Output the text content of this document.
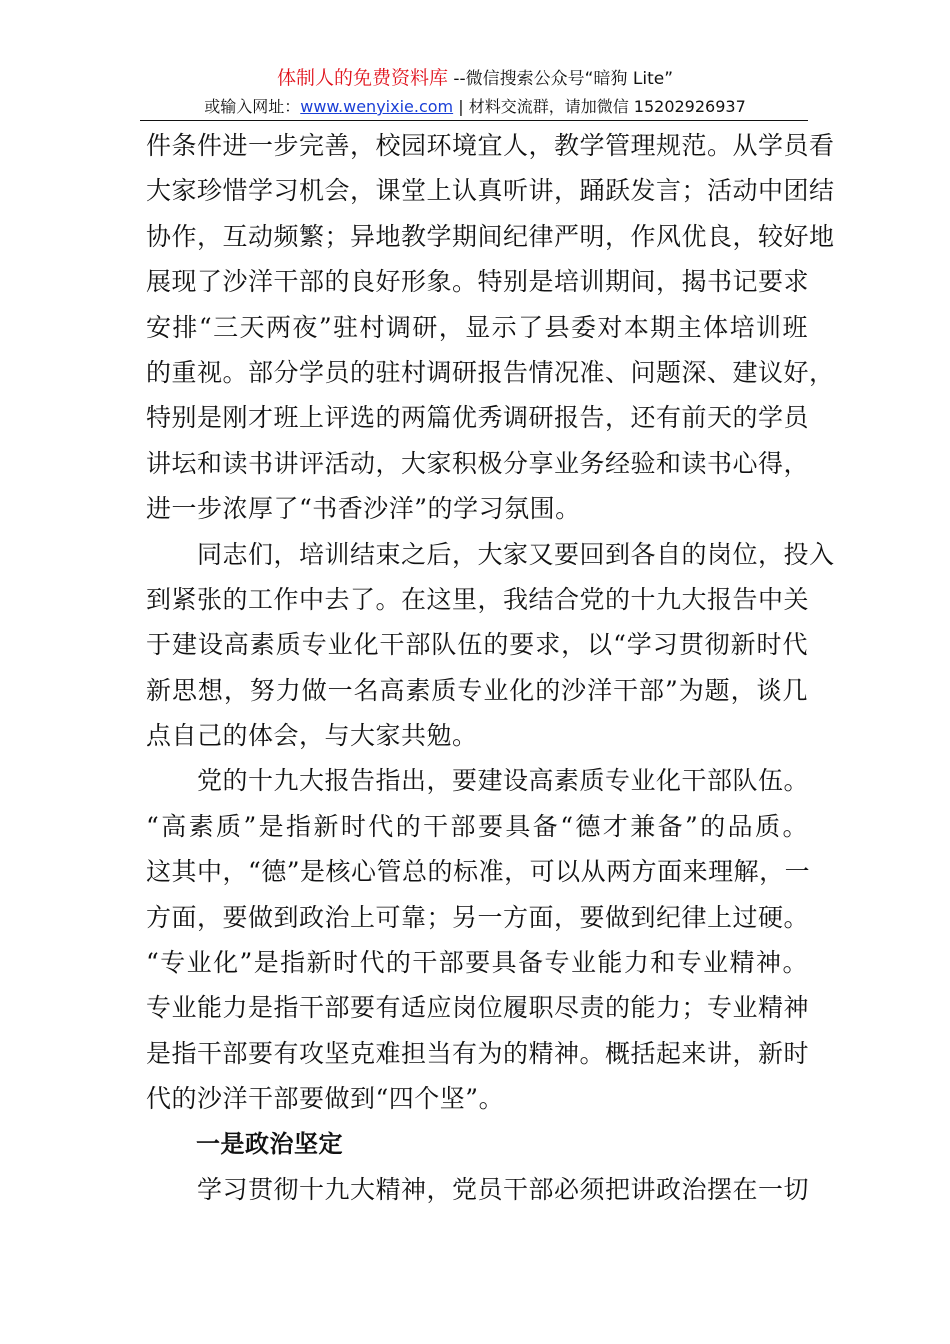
体制人的免费资料库 --微信搜索公众号“暗狗 Lite”
或输入网址：www.wenyixie.com | 材料交流群，请加微信 15202926937
件条件进一步完善，校园环境宜人，教学管理规范。从学员看
大家珍惜学习机会，课堂上认真听讲，踊跃发言；活动中团结
协作，互动频繁；异地教学期间纪律严明，作风优良，较好地
展现了沙洋干部的良好形象。特别是培训期间，揭书记要求
安排“三天两夜”驻村调研，显示了县委对本期主体培训班
的重视。部分学员的驻村调研报告情况准、问题深、建议好，
特别是刚才班上评选的两篇优秀调研报告，还有前天的学员
讲坛和读书讲评活动，大家积极分享业务经验和读书心得，
进一步浓厚了“书香沙洋”的学习氛围。
　　同志们，培训结束之后，大家又要回到各自的岗位，投入
到紧张的工作中去了。在这里，我结合党的十九大报告中关
于建设高素质专业化干部队伍的要求，以“学习贯彻新时代
新思想，努力做一名高素质专业化的沙洋干部”为题，谈几
点自己的体会，与大家共勉。
　　党的十九大报告指出，要建设高素质专业化干部队伍。
“高素质”是指新时代的干部要具备“德才兼备”的品质。
这其中，“德”是核心管总的标准，可以从两方面来理解，一
方面，要做到政治上可靠；另一方面，要做到纪律上过硬。
“专业化”是指新时代的干部要具备专业能力和专业精神。
专业能力是指干部要有适应岗位履职尽责的能力；专业精神
是指干部要有攻坚克难担当有为的精神。概括起来讲，新时
代的沙洋干部要做到“四个坚”。
一是政治坚定
　　学习贯彻十九大精神，党员干部必须把讲政治摆在一切
